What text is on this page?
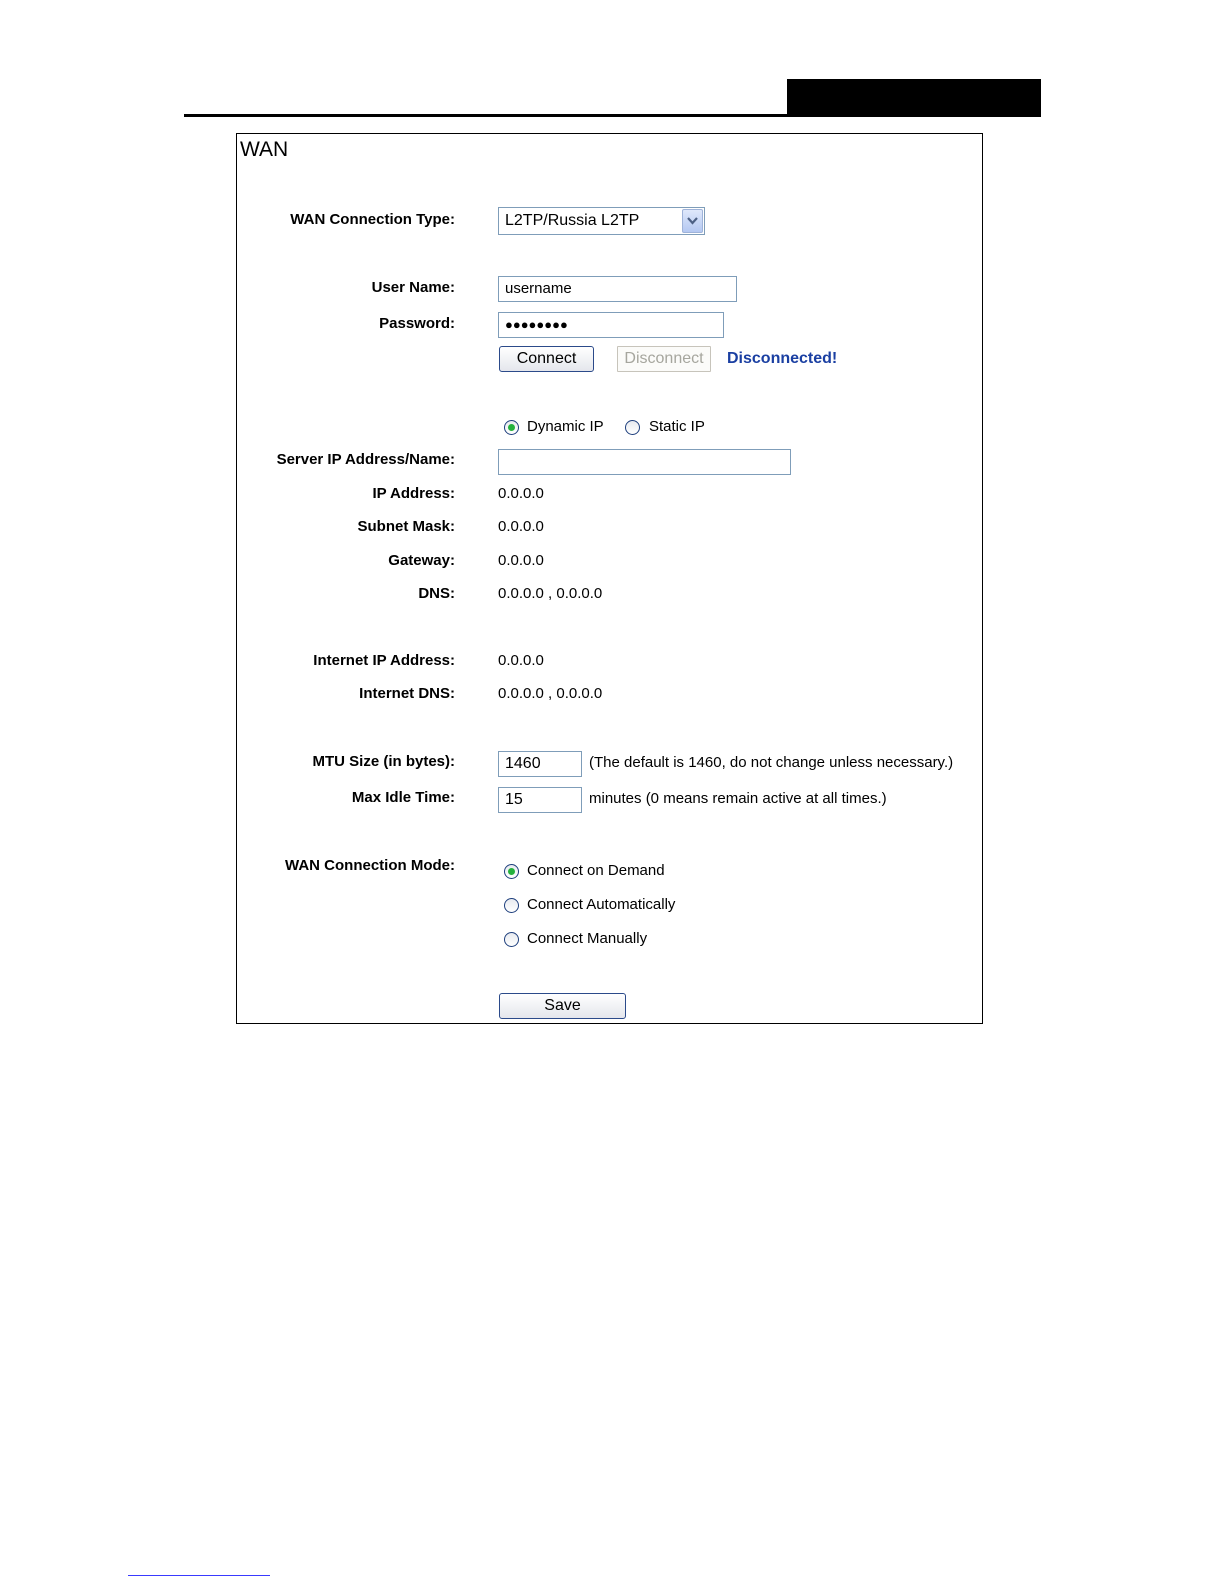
WAN
WAN Connection Type:	L2TP/Russia L2TP
User Name:	username
Password:	●●●●●●●●
Connect	Disconnect	Disconnected!
Dynamic IP	Static IP
Server IP Address/Name:
IP Address:	0.0.0.0
Subnet Mask:	0.0.0.0
Gateway:	0.0.0.0
DNS:	0.0.0.0 , 0.0.0.0
Internet IP Address:	0.0.0.0
Internet DNS:	0.0.0.0 , 0.0.0.0
MTU Size (in bytes):	1460	(The default is 1460, do not change unless necessary.)
Max Idle Time:	15	minutes (0 means remain active at all times.)
WAN Connection Mode:	Connect on Demand
Connect Automatically
Connect Manually
Save
